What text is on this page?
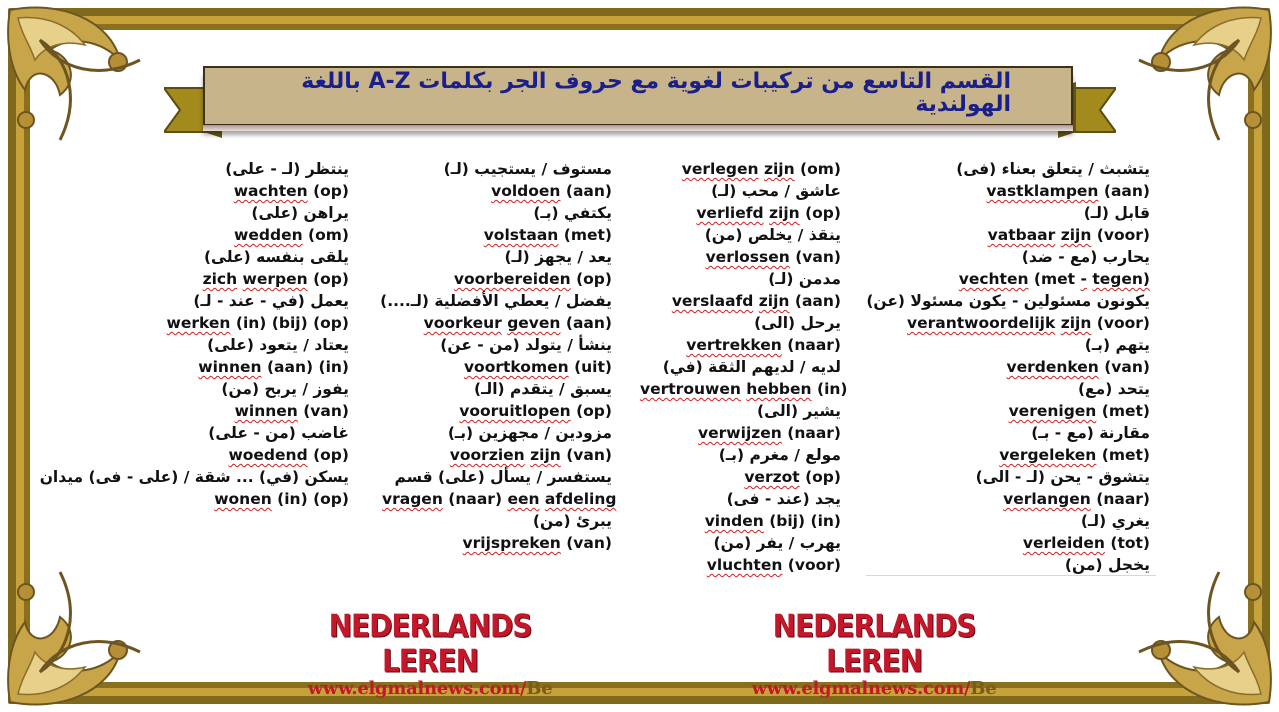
القسم التاسع من تركيبات لغوية مع حروف الجر بكلمات A-Z باللغة الهولندية
يتشبث / يتعلق بعناء (فى)
vastklampen (aan)
قابل (لـ)
vatbaar zijn (voor)
يحارب (مع - ضد)
vechten (met - tegen)
يكونون مسئولين - يكون مسئولا (عن)
verantwoordelijk zijn (voor)
يتهم (بـ)
verdenken (van)
يتحد (مع)
verenigen (met)
مقارنة (مع - بـ)
vergeleken (met)
يتشوق - يحن (لـ - الى)
verlangen (naar)
يغري (لـ)
verleiden (tot)
يخجل (من)
verlegen zijn (om)
عاشق / محب (لـ)
verliefd zijn (op)
ينقذ / يخلص (من)
verlossen (van)
مدمن (لـ)
verslaafd zijn (aan)
يرحل (الى)
vertrekken (naar)
لديه / لديهم الثقة (في)
vertrouwen hebben (in)
يشير (الى)
verwijzen (naar)
مولع / مغرم (بـ)
verzot (op)
يجد (عند - فى)
vinden (bij) (in)
يهرب / يفر (من)
vluchten (voor)
مستوف / يستجيب (لـ)
voldoen (aan)
يكتفي (بـ)
volstaan (met)
يعد / يجهز (لـ)
voorbereiden (op)
يفضل / يعطي الأفضلية (لـ....)
voorkeur geven (aan)
ينشأ / يتولد (من - عن)
voortkomen (uit)
يسبق / يتقدم (الـ)
vooruitlopen (op)
مزودين / مجهزين (بـ)
voorzien zijn (van)
يستفسر / يسأل (على) قسم
vragen (naar) een afdeling
يبرئ (من)
vrijspreken (van)
ينتظر (لـ - على)
wachten (op)
يراهن (على)
wedden (om)
يلقى بنفسه (على)
zich werpen (op)
يعمل (في - عند - لـ)
werken (in) (bij) (op)
يعتاد / يتعود (على)
winnen (aan) (in)
يفوز / يربح (من)
winnen (van)
غاضب (من - على)
woedend (op)
يسكن (في) ... شقة / (على - فى) ميدان
wonen (in) (op)
NEDERLANDS LEREN
www.elgmalnews.com/Be
NEDERLANDS LEREN
www.elgmalnews.com/Be
